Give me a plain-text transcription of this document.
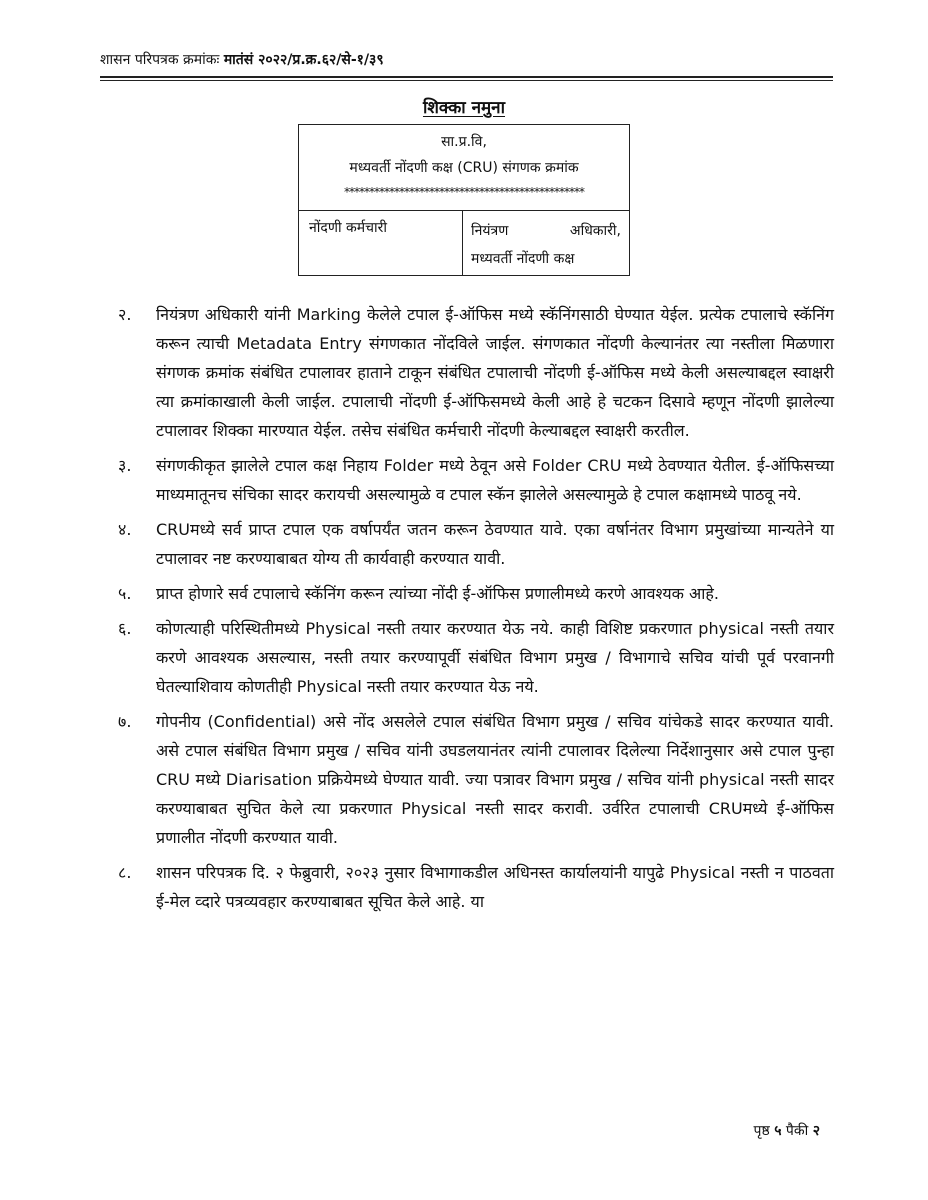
शासन परिपत्रक क्रमांकः मातंसं २०२२/प्र.क्र.६२/से-१/३९
शिक्का नमुना
सा.प्र.वि,
मध्यवर्ती नोंदणी कक्ष (CRU) संगणक क्रमांक
************************************************
नोंदणी कर्मचारी	नियंत्रण	अधिकारी,
मध्यवर्ती नोंदणी कक्ष
२. नियंत्रण अधिकारी यांनी Marking केलेले टपाल ई-ऑफिस मध्ये स्कॅनिंगसाठी घेण्यात येईल. प्रत्येक टपालाचे स्कॅनिंग करून त्याची Metadata Entry संगणकात नोंदविले जाईल. संगणकात नोंदणी केल्यानंतर त्या नस्तीला मिळणारा संगणक क्रमांक संबंधित टपालावर हाताने टाकून संबंधित टपालाची नोंदणी ई-ऑफिस मध्ये केली असल्याबद्दल स्वाक्षरी त्या क्रमांकाखाली केली जाईल. टपालाची नोंदणी ई-ऑफिसमध्ये केली आहे हे चटकन दिसावे म्हणून नोंदणी झालेल्या टपालावर शिक्का मारण्यात येईल. तसेच संबंधित कर्मचारी नोंदणी केल्याबद्दल स्वाक्षरी करतील.
३. संगणकीकृत झालेले टपाल कक्ष निहाय Folder मध्ये ठेवून असे Folder CRU मध्ये ठेवण्यात येतील. ई-ऑफिसच्या माध्यमातूनच संचिका सादर करायची असल्यामुळे व टपाल स्कॅन झालेले असल्यामुळे हे टपाल कक्षामध्ये पाठवू नये.
४. CRUमध्ये सर्व प्राप्त टपाल एक वर्षापर्यंत जतन करून ठेवण्यात यावे. एका वर्षानंतर विभाग प्रमुखांच्या मान्यतेने या टपालावर नष्ट करण्याबाबत योग्य ती कार्यवाही करण्यात यावी.
५. प्राप्त होणारे सर्व टपालाचे स्कॅनिंग करून त्यांच्या नोंदी ई-ऑफिस प्रणालीमध्ये करणे आवश्यक आहे.
६. कोणत्याही परिस्थितीमध्ये Physical नस्ती तयार करण्यात येऊ नये. काही विशिष्ट प्रकरणात physical नस्ती तयार करणे आवश्यक असल्यास, नस्ती तयार करण्यापूर्वी संबंधित विभाग प्रमुख / विभागाचे सचिव यांची पूर्व परवानगी घेतल्याशिवाय कोणतीही Physical नस्ती तयार करण्यात येऊ नये.
७. गोपनीय (Confidential) असे नोंद असलेले टपाल संबंधित विभाग प्रमुख / सचिव यांचेकडे सादर करण्यात यावी. असे टपाल संबंधित विभाग प्रमुख / सचिव यांनी उघडलयानंतर त्यांनी टपालावर दिलेल्या निर्देशानुसार असे टपाल पुन्हा CRU मध्ये Diarisation प्रक्रियेमध्ये घेण्यात यावी. ज्या पत्रावर विभाग प्रमुख / सचिव यांनी physical नस्ती सादर करण्याबाबत सुचित केले त्या प्रकरणात Physical नस्ती सादर करावी. उर्वरित टपालाची CRUमध्ये ई-ऑफिस प्रणालीत नोंदणी करण्यात यावी.
८. शासन परिपत्रक दि. २ फेब्रुवारी, २०२३ नुसार विभागाकडील अधिनस्त कार्यालयांनी यापुढे Physical नस्ती न पाठवता ई-मेल व्दारे पत्रव्यवहार करण्याबाबत सूचित केले आहे. या
पृष्ठ ५ पैकी २
